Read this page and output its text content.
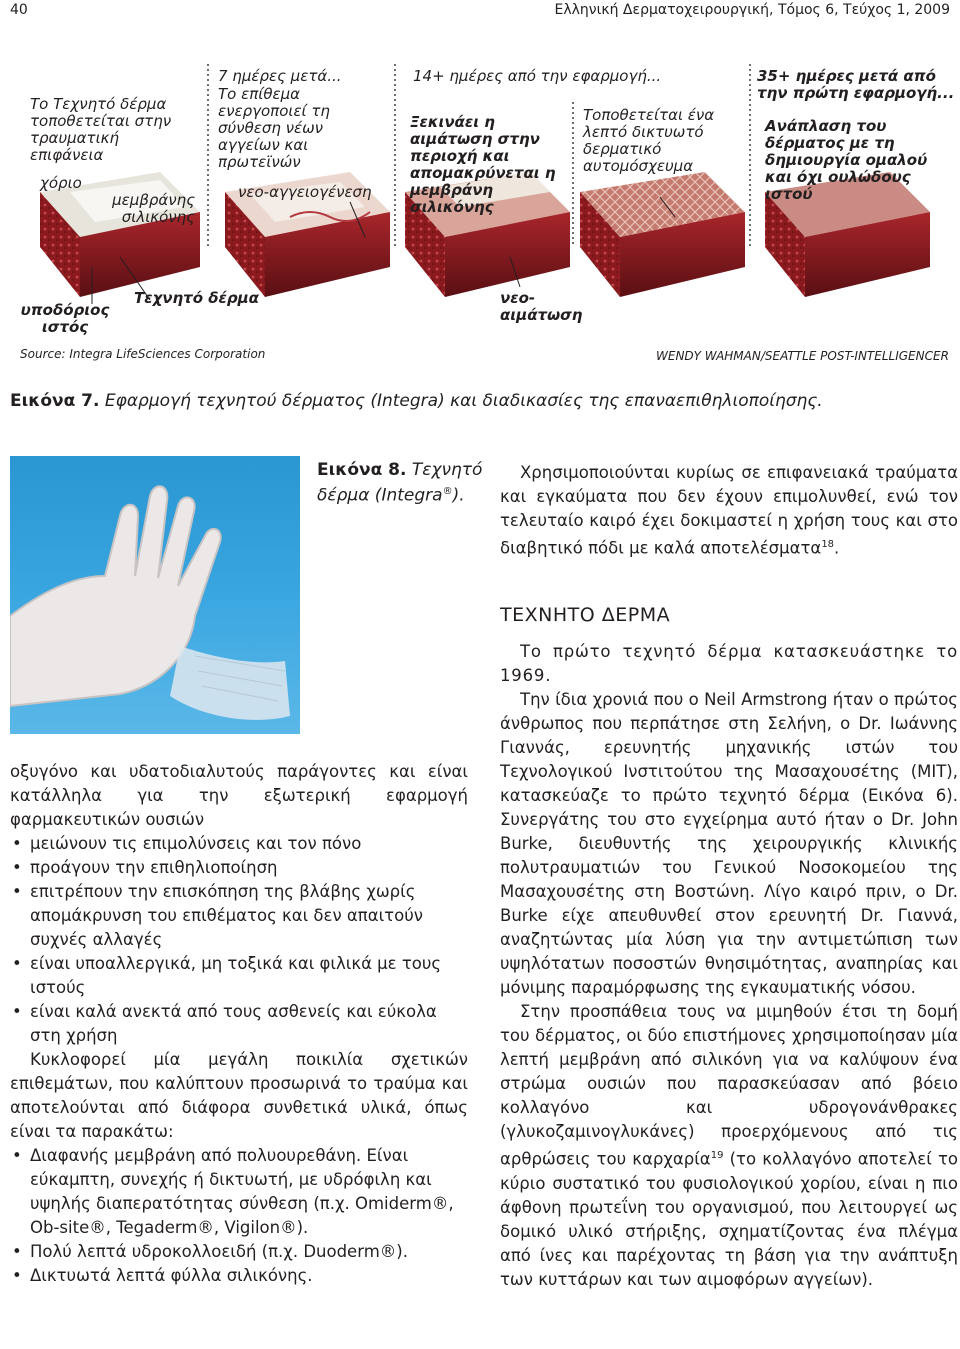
40	Ελληνική Δερματοχειρουργική, Τόμος 6, Τεύχος 1, 2009
Το Τεχνητό δέρμα τοποθετείται στην τραυματική επιφάνεια
χόριο
μεμβράνης σιλικόνης
7 ημέρες μετά...
Το επίθεμα ενεργοποιεί τη σύνθεση νέων αγγείων και πρωτεϊνών
νεο-αγγειογένεση
14+ ημέρες από την εφαρμογή...
Ξεκινάει η αιμάτωση στην περιοχή και απομακρύνεται η μεμβράνη σιλικόνης
Τοποθετείται ένα λεπτό δικτυωτό δερματικό αυτομόσχευμα
35+ ημέρες μετά από την πρώτη εφαρμογή...
Ανάπλαση του δέρματος με τη δημιουργία ομαλού και όχι ουλώδους ιστού
υποδόριος ιστός
Τεχνητό δέρμα	νεο-αιμάτωση
Source: Integra LifeSciences Corporation	WENDY WAHMAN/SEATTLE POST-INTELLIGENCER
Εικόνα 7. Εφαρμογή τεχνητού δέρματος (Integra) και διαδικασίες της επαναεπιθηλιοποίησης.
Εικόνα 8. Τεχνητό δέρμα (Integra®).

Χρησιμοποιούνται κυρίως σε επιφανειακά τραύματα και εγκαύματα που δεν έχουν επιμολυνθεί, ενώ τον τελευταίο καιρό έχει δοκιμαστεί η χρήση τους και στο διαβητικό πόδι με καλά αποτελέσματα$^{18}$.

ΤΕΧΝΗΤΟ ΔΕΡΜΑ

Το πρώτο τεχνητό δέρμα κατασκευάστηκε το 1969.

Την ίδια χρονιά που ο Neil Armstrong ήταν ο πρώτος άνθρωπος που περπάτησε στη Σελήνη, ο Dr. Ιωάννης Γιαννάς, ερευνητής μηχανικής ιστών του Τεχνολογικού Ινστιτούτου της Μασαχουσέτης (MIT), κατασκεύαζε το πρώτο τεχνητό δέρμα (Εικόνα 6). Συνεργάτης του στο εγχείρημα αυτό ήταν ο Dr. John Burke, διευθυντής της χειρουργικής κλινικής πολυτραυματιών του Γενικού Νοσοκομείου της Μασαχουσέτης στη Βοστώνη. Λίγο καιρό πριν, ο Dr. Burke είχε απευθυνθεί στον ερευνητή Dr. Γιαννά, αναζητώντας μία λύση για την αντιμετώπιση των υψηλότατων ποσοστών θνησιμότητας, αναπηρίας και μόνιμης παραμόρφωσης της εγκαυματικής νόσου.

Στην προσπάθεια τους να μιμηθούν έτσι τη δομή του δέρματος, οι δύο επιστήμονες χρησιμοποίησαν μία λεπτή μεμβράνη από σιλικόνη για να καλύψουν ένα στρώμα ουσιών που παρασκεύασαν από βόειο κολλαγόνο και υδρογονάνθρακες (γλυκοζαμινογλυκάνες) προερχόμενους από τις αρθρώσεις του καρχαρία$^{19}$ (το κολλαγόνο αποτελεί το κύριο συστατικό του φυσιολογικού χορίου, είναι η πιο άφθονη πρωτεΐνη του οργανισμού, που λειτουργεί ως δομικό υλικό στήριξης, σχηματίζοντας ένα πλέγμα από ίνες και παρέχοντας τη βάση για την ανάπτυξη των κυττάρων και των αιμοφόρων αγγείων).

οξυγόνο και υδατοδιαλυτούς παράγοντες και είναι κατάλληλα για την εξωτερική εφαρμογή φαρμακευτικών ουσιών

• μειώνουν τις επιμολύνσεις και τον πόνο

• προάγουν την επιθηλιοποίηση

• επιτρέπουν την επισκόπηση της βλάβης χωρίς απομάκρυνση του επιθέματος και δεν απαιτούν συχνές αλλαγές

• είναι υποαλλεργικά, μη τοξικά και φιλικά με τους ιστούς

• είναι καλά ανεκτά από τους ασθενείς και εύκολα στη χρήση

Κυκλοφορεί μία μεγάλη ποικιλία σχετικών επιθεμάτων, που καλύπτουν προσωρινά το τραύμα και αποτελούνται από διάφορα συνθετικά υλικά, όπως είναι τα παρακάτω:

• Διαφανής μεμβράνη από πολυουρεθάνη. Είναι εύκαμπτη, συνεχής ή δικτυωτή, με υδρόφιλη και υψηλής διαπερατότητας σύνθεση (π.χ. Omiderm®, Ob-site®, Tegaderm®, Vigilon®).

• Πολύ λεπτά υδροκολλοειδή (π.χ. Duoderm®).

• Δικτυωτά λεπτά φύλλα σιλικόνης.
